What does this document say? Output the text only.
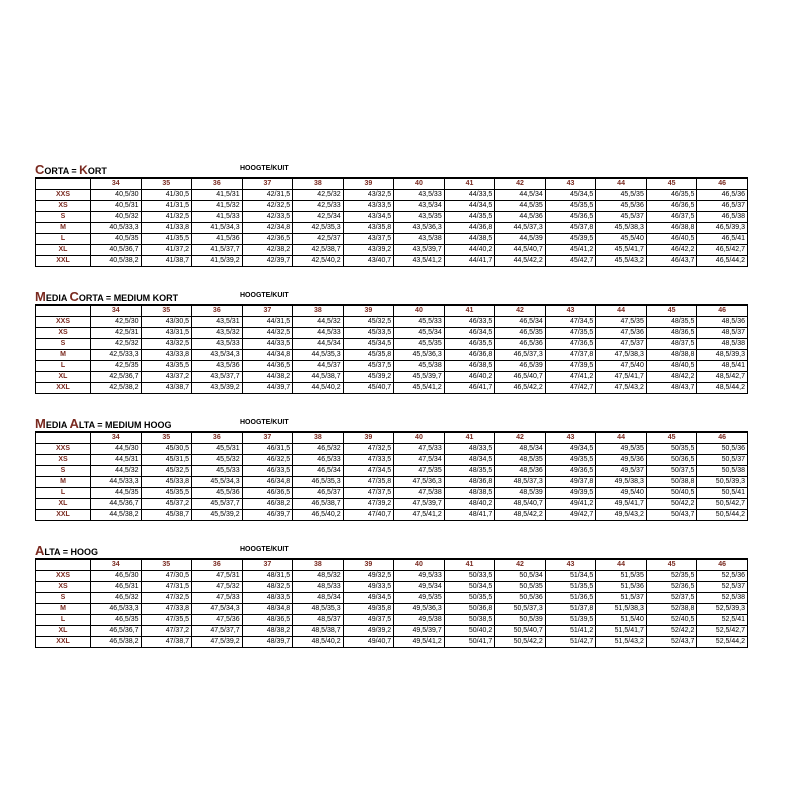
CORTA = KORT	HOOGTE/KUIT
	34	35	36	37	38	39	40	41	42	43	44	45	46
XXS	40,5/30	41/30,5	41,5/31	42/31,5	42,5/32	43/32,5	43,5/33	44/33,5	44,5/34	45/34,5	45,5/35	46/35,5	46,5/36
XS	40,5/31	41/31,5	41,5/32	42/32,5	42,5/33	43/33,5	43,5/34	44/34,5	44,5/35	45/35,5	45,5/36	46/36,5	46,5/37
S	40,5/32	41/32,5	41,5/33	42/33,5	42,5/34	43/34,5	43,5/35	44/35,5	44,5/36	45/36,5	45,5/37	46/37,5	46,5/38
M	40,5/33,3	41/33,8	41,5/34,3	42/34,8	42,5/35,3	43/35,8	43,5/36,3	44/36,8	44,5/37,3	45/37,8	45,5/38,3	46/38,8	46,5/39,3
L	40,5/35	41/35,5	41,5/36	42/36,5	42,5/37	43/37,5	43,5/38	44/38,5	44,5/39	45/39,5	45,5/40	46/40,5	46,5/41
XL	40,5/36,7	41/37,2	41,5/37,7	42/38,2	42,5/38,7	43/39,2	43,5/39,7	44/40,2	44,5/40,7	45/41,2	45,5/41,7	46/42,2	46,5/42,7
XXL	40,5/38,2	41/38,7	41,5/39,2	42/39,7	42,5/40,2	43/40,7	43,5/41,2	44/41,7	44,5/42,2	45/42,7	45,5/43,2	46/43,7	46,5/44,2
MEDIA CORTA = MEDIUM KORT	HOOGTE/KUIT
	34	35	36	37	38	39	40	41	42	43	44	45	46
XXS	42,5/30	43/30,5	43,5/31	44/31,5	44,5/32	45/32,5	45,5/33	46/33,5	46,5/34	47/34,5	47,5/35	48/35,5	48,5/36
XS	42,5/31	43/31,5	43,5/32	44/32,5	44,5/33	45/33,5	45,5/34	46/34,5	46,5/35	47/35,5	47,5/36	48/36,5	48,5/37
S	42,5/32	43/32,5	43,5/33	44/33,5	44,5/34	45/34,5	45,5/35	46/35,5	46,5/36	47/36,5	47,5/37	48/37,5	48,5/38
M	42,5/33,3	43/33,8	43,5/34,3	44/34,8	44,5/35,3	45/35,8	45,5/36,3	46/36,8	46,5/37,3	47/37,8	47,5/38,3	48/38,8	48,5/39,3
L	42,5/35	43/35,5	43,5/36	44/36,5	44,5/37	45/37,5	45,5/38	46/38,5	46,5/39	47/39,5	47,5/40	48/40,5	48,5/41
XL	42,5/36,7	43/37,2	43,5/37,7	44/38,2	44,5/38,7	45/39,2	45,5/39,7	46/40,2	46,5/40,7	47/41,2	47,5/41,7	48/42,2	48,5/42,7
XXL	42,5/38,2	43/38,7	43,5/39,2	44/39,7	44,5/40,2	45/40,7	45,5/41,2	46/41,7	46,5/42,2	47/42,7	47,5/43,2	48/43,7	48,5/44,2
MEDIA ALTA = MEDIUM HOOG	HOOGTE/KUIT
	34	35	36	37	38	39	40	41	42	43	44	45	46
XXS	44,5/30	45/30,5	45,5/31	46/31,5	46,5/32	47/32,5	47,5/33	48/33,5	48,5/34	49/34,5	49,5/35	50/35,5	50,5/36
XS	44,5/31	45/31,5	45,5/32	46/32,5	46,5/33	47/33,5	47,5/34	48/34,5	48,5/35	49/35,5	49,5/36	50/36,5	50,5/37
S	44,5/32	45/32,5	45,5/33	46/33,5	46,5/34	47/34,5	47,5/35	48/35,5	48,5/36	49/36,5	49,5/37	50/37,5	50,5/38
M	44,5/33,3	45/33,8	45,5/34,3	46/34,8	46,5/35,3	47/35,8	47,5/36,3	48/36,8	48,5/37,3	49/37,8	49,5/38,3	50/38,8	50,5/39,3
L	44,5/35	45/35,5	45,5/36	46/36,5	46,5/37	47/37,5	47,5/38	48/38,5	48,5/39	49/39,5	49,5/40	50/40,5	50,5/41
XL	44,5/36,7	45/37,2	45,5/37,7	46/38,2	46,5/38,7	47/39,2	47,5/39,7	48/40,2	48,5/40,7	49/41,2	49,5/41,7	50/42,2	50,5/42,7
XXL	44,5/38,2	45/38,7	45,5/39,2	46/39,7	46,5/40,2	47/40,7	47,5/41,2	48/41,7	48,5/42,2	49/42,7	49,5/43,2	50/43,7	50,5/44,2
ALTA = HOOG	HOOGTE/KUIT
	34	35	36	37	38	39	40	41	42	43	44	45	46
XXS	46,5/30	47/30,5	47,5/31	48/31,5	48,5/32	49/32,5	49,5/33	50/33,5	50,5/34	51/34,5	51,5/35	52/35,5	52,5/36
XS	46,5/31	47/31,5	47,5/32	48/32,5	48,5/33	49/33,5	49,5/34	50/34,5	50,5/35	51/35,5	51,5/36	52/36,5	52,5/37
S	46,5/32	47/32,5	47,5/33	48/33,5	48,5/34	49/34,5	49,5/35	50/35,5	50,5/36	51/36,5	51,5/37	52/37,5	52,5/38
M	46,5/33,3	47/33,8	47,5/34,3	48/34,8	48,5/35,3	49/35,8	49,5/36,3	50/36,8	50,5/37,3	51/37,8	51,5/38,3	52/38,8	52,5/39,3
L	46,5/35	47/35,5	47,5/36	48/36,5	48,5/37	49/37,5	49,5/38	50/38,5	50,5/39	51/39,5	51,5/40	52/40,5	52,5/41
XL	46,5/36,7	47/37,2	47,5/37,7	48/38,2	48,5/38,7	49/39,2	49,5/39,7	50/40,2	50,5/40,7	51/41,2	51,5/41,7	52/42,2	52,5/42,7
XXL	46,5/38,2	47/38,7	47,5/39,2	48/39,7	48,5/40,2	49/40,7	49,5/41,2	50/41,7	50,5/42,2	51/42,7	51,5/43,2	52/43,7	52,5/44,2
